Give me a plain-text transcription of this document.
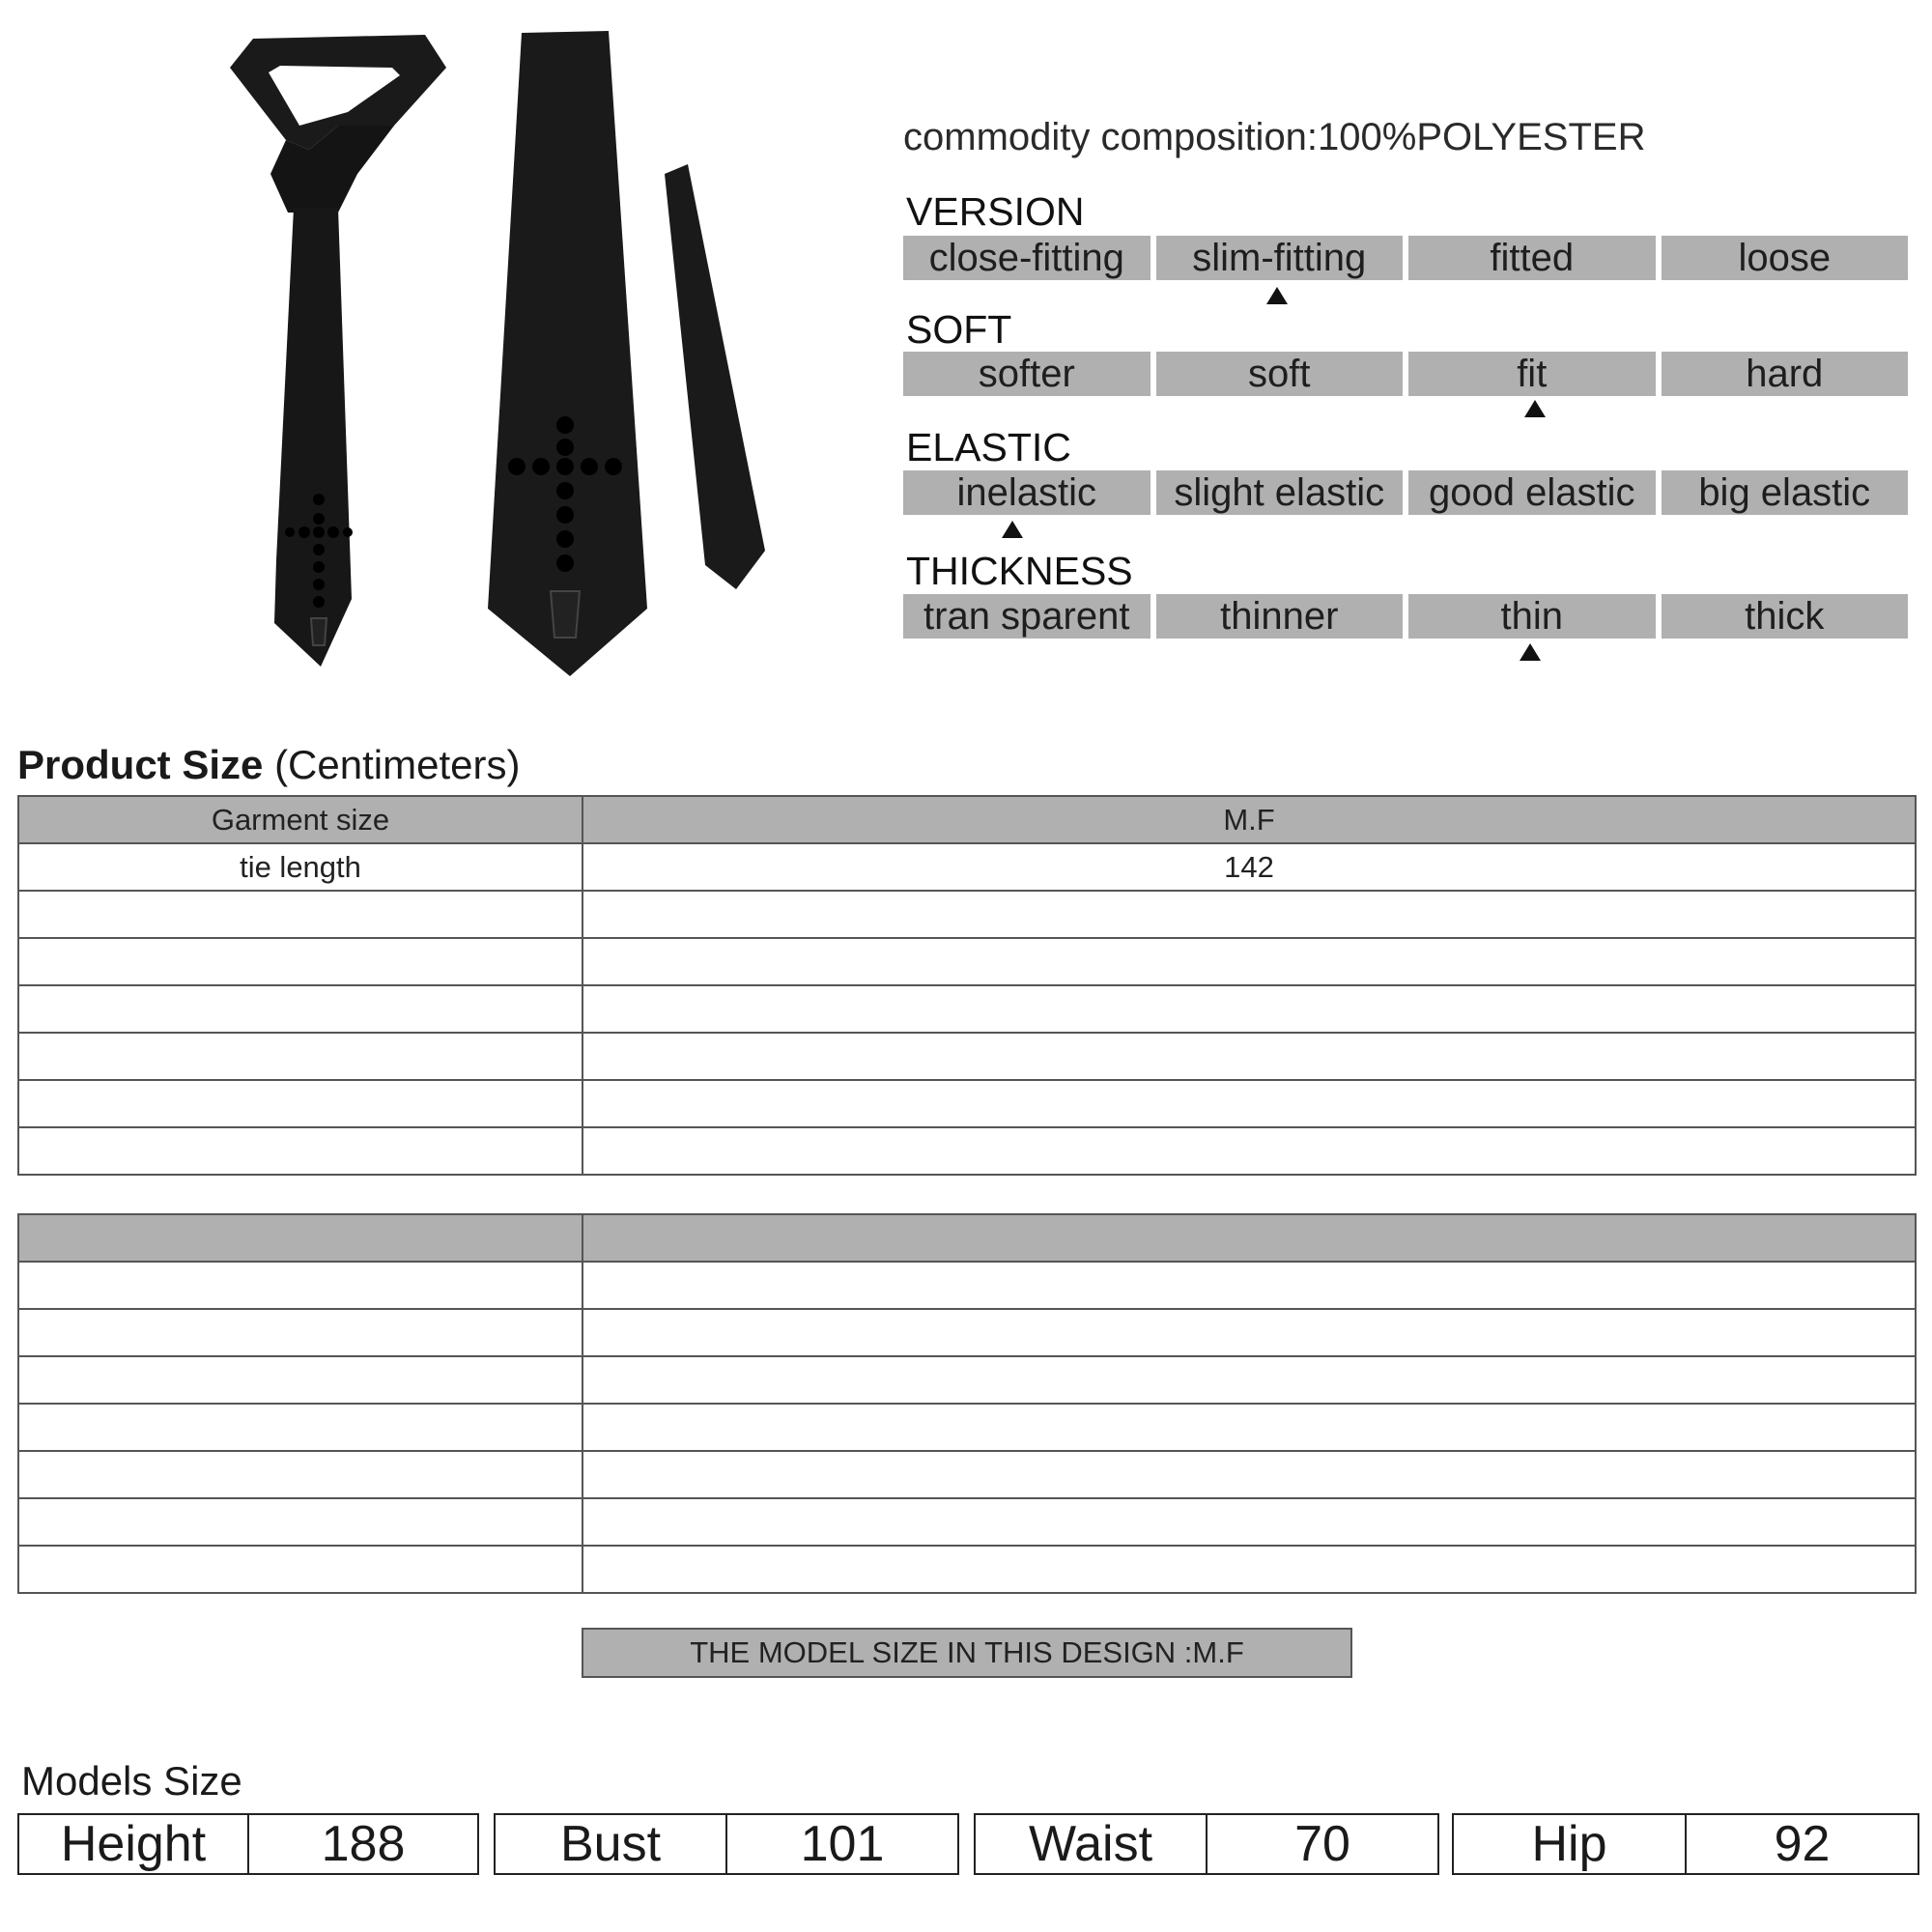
commodity composition:100%POLYESTER
VERSION
close-fitting	slim-fitting	fitted	loose
SOFT
softer	soft	fit	hard
ELASTIC
inelastic	slight elastic	good elastic	big elastic
THICKNESS
tran sparent	thinner	thin	thick
Product Size (Centimeters)
Garment size	M.F
tie length	142

THE MODEL SIZE IN THIS DESIGN :M.F
Models Size
Height	188	Bust	101	Waist	70	Hip	92
